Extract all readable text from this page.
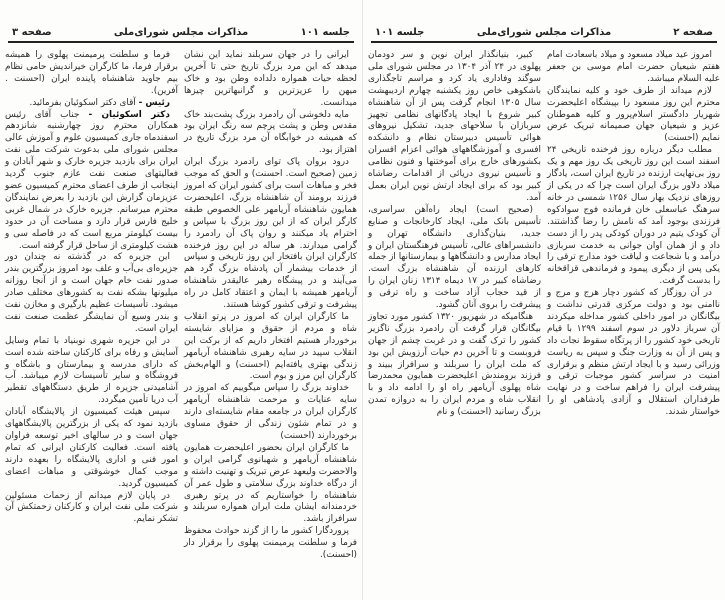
جلسه ۱۰۱
مذاکرات مجلس شورای‌ملی
صفحه ۳

ایرانی را در جهان سربلند نماید این نشان میدهد که این مرد بزرگ تاریخ حتی تا آخرین لحظه حیات همواره دلداده وطن بود و خاک میهن را عزیزترین و گرانبهاترین چیزها میدانست.

مایه دلخوشی آن رادمرد بزرگ پشت‌بند خاک مقدس وطن و پشت پرچم سه رنگ ایران بود که همیشه در خوابگاه آن مرد بزرگ تاریخ در اهتزاز بود.

درود بروان پاک توای رادمرد بزرگ ایران زمین (صحیح است. احسنت) و الحق که موجب فخر و مباهات است برای کشور ایران که امروز فرزند برومند آن شاهنشاه بزرگ، اعلیحضرت همایون شاهنشاه آریامهر علی الخصوص طبقه کارگر ایران که از این روز بزرگ با سپاس و احترام یاد میکنند و روان پاک آن رادمرد را گرامی میدارند. هر ساله در این روز فرخنده کارگران ایران بافتخار این روز تاریخی و سپاس از خدمات بیشمار آن پادشاه بزرگ گرد هم می‌آیند و در پیشگاه رهبر عالیقدر شاهنشاه آریامهر همیشه با ایمان و اعتقاد کامل در راه پیشرفت و ترقی کشور کوشا هستند.

ما کارگران ایران که امروز در پرتو انقلاب شاه و مردم از حقوق و مزایای شایسته برخوردار هستیم افتخار داریم که از برکت این انقلاب سپید در سایه رهبری شاهنشاه آریامهر زندگی بهتری یافته‌ایم (احسنت) و الهام‌بخش کارگران این مرز و بوم است.

خداوند بزرگ را سپاس میگوییم که امروز در سایه عنایات و مرحمت شاهنشاه آریامهر کارگران ایران در جامعه مقام شایسته‌ای دارند و در تمام شئون زندگی از حقوق مساوی برخوردارند (احسنت)

ما کارگران ایران بحضور اعلیحضرت همایون شاهنشاه آریامهر و شهبانوی گرامی ایران و والاحضرت ولیعهد عرض تبریک و تهنیت داشته و از درگاه خداوند بزرگ سلامتی و طول عمر آن شاهنشاه را خواستاریم که در پرتو رهبری خردمندانه ایشان ملت ایران همواره سربلند و سرافراز باشد.

پروردگارا کشور ما را از گزند حوادث محفوظ فرما و سلطنت پرمیمنت پهلوی را برقرار دار (احسنت).

فرما و سلطنت پرمیمنت پهلوی را همیشه برقرار فرما، ما کارگران خیراندیش حامی نظام بیم جاوید شاهنشاه پاینده ایران (احسنت . آفرین).

رئیس - آقای دکتر اسکوئیان بفرمائید.

دکتر اسکوئیان - جناب آقای رئیس همکاران محترم روز چهارشنبه شانزدهم اسفندماه جاری کمیسیون علوم و آموزش عالی مجلس شورای ملی بدعوت شرکت ملی نفت ایران برای بازدید جزیره خارک و شهر آبادان و فعالیتهای صنعت نفت عازم جنوب گردید اینجانب از طرف اعضای محترم کمیسیون عضو عزیزمان گزارش این بازدید را بعرض نمایندگان محترم میرسانم. جزیره خارک در شمال غربی خلیج فارس قرار دارد و مساحت آن در حدود بیست کیلومتر مربع است که در فاصله سی و هشت کیلومتری از ساحل قرار گرفته است.

این جزیره که در گذشته نه چندان دور جزیره‌ای بی‌آب و علف بود امروز بزرگترین بندر صدور نفت خام جهان است و از آنجا روزانه میلیونها بشکه نفت به کشورهای مختلف صادر میشود. تأسیسات عظیم بارگیری و مخازن نفت و بندر وسیع آن نمایشگر عظمت صنعت نفت ایران است.

در این جزیره شهری نوبنیاد با تمام وسایل آسایش و رفاه برای کارکنان ساخته شده است که دارای مدرسه و بیمارستان و باشگاه و فروشگاه و سایر تأسیسات لازم میباشد. آب آشامیدنی جزیره از طریق دستگاههای تقطیر آب دریا تأمین میگردد.

سپس هیئت کمیسیون از پالایشگاه آبادان بازدید نمود که یکی از بزرگترین پالایشگاههای جهان است و در سالهای اخیر توسعه فراوان یافته است. فعالیت کارکنان ایرانی که تمام امور فنی و اداری پالایشگاه را بعهده دارند موجب کمال خوشوقتی و مباهات اعضای کمیسیون گردید.

در پایان لازم میدانم از زحمات مسئولین شرکت ملی نفت ایران و کارکنان زحمتکش آن تشکر نمایم.

صفحه ۲
مذاکرات مجلس شورای‌ملی
جلسه ۱۰۱

امروز عید میلاد مسعود و میلاد باسعادت امام هفتم شیعیان حضرت امام موسی بن جعفر علیه السلام میباشد.

لازم میداند از طرف خود و کلیه نمایندگان محترم این روز مسعود را بپیشگاه اعلیحضرت شهریار دادگستر اسلام‌پرور و کلیه هموطنان عزیز و شیعیان جهان صمیمانه تبریک عرض نمایم (احسنت)

مطلب دیگر درباره روز فرخنده تاریخی ۲۴ اسفند است این روز تاریخی یک روز مهم و یک روز بی‌نهایت ارزنده در تاریخ ایران است، یادگار میلاد دلاور بزرگ ایران است چرا که در یکی از روزهای نزدیک بهار سال ۱۲۵۶ شمسی در خانه سرهنگ عباسعلی خان فرمانده فوج سوادکوه فرزندی بوجود آمد که نامش را رضا گذاشتند. آن کودک یتیم در دوران کودکی پدر را از دست داد و از همان اوان جوانی به خدمت سربازی درآمد و با شجاعت و لیاقت خود مدارج ترقی را یکی پس از دیگری پیمود و فرماندهی قزاقخانه را بدست گرفت.

در آن روزگار که کشور دچار هرج و مرج و ناامنی بود و دولت مرکزی قدرتی نداشت و بیگانگان در امور داخلی کشور مداخله میکردند آن سرباز دلاور در سوم اسفند ۱۲۹۹ با قیام تاریخی خود کشور را از پرتگاه سقوط نجات داد و پس از آن به وزارت جنگ و سپس به ریاست وزرائی رسید و با ایجاد ارتش منظم و برقراری امنیت در سراسر کشور موجبات ترقی و پیشرفت ایران را فراهم ساخت و در نهایت طرفداران استقلال و آزادی پادشاهی او را خواستار شدند.

کبیر، بنیانگذار ایران نوین و سر دودمان پهلوی در ۲۴ آذر ۱۳۰۴ در مجلس شورای ملی سوگند وفاداری یاد کرد و مراسم تاجگذاری باشکوهی خاص روز یکشنبه چهارم اردیبهشت سال ۱۳۰۵ انجام گرفت پس از آن شاهنشاه کبیر شروع با ایجاد پادگانهای نظامی تجهیز سربازان با سلاحهای جدید، تشکیل نیروهای هوائی تأسیس دبیرستان نظام و دانشکده افسری و آموزشگاههای هوائی اعزام افسران بکشورهای خارج برای آموختنها و فنون نظامی و تأسیس نیروی دریائی از اقدامات رضاشاه کبیر بود که برای ایجاد ارتش نوین ایران بعمل آمد.

(صحیح است) ایجاد راه‌آهن سراسری، تأسیس بانک ملی، ایجاد کارخانجات و صنایع جدید، بنیان‌گذاری دانشگاه تهران و دانشسراهای عالی، تأسیس فرهنگستان ایران و ایجاد مدارس و دانشگاهها و بیمارستانها از جمله کارهای ارزنده آن شاهنشاه بزرگ است. رضاشاه کبیر در ۱۷ دیماه ۱۳۱۴ زنان ایران را از قید حجاب آزاد ساخت و راه ترقی و پیشرفت را بروی آنان گشود.

هنگامیکه در شهریور ۱۳۲۰ کشور مورد تجاوز بیگانگان قرار گرفت آن رادمرد بزرگ ناگزیر کشور را ترک گفت و در غربت چشم از جهان فروبست و تا آخرین دم حیات آرزویش این بود که ملت ایران را سربلند و سرافراز ببیند و فرزند برومندش اعلیحضرت همایون محمدرضا شاه پهلوی آریامهر راه او را ادامه داد و با انقلاب شاه و مردم ایران را به دروازه تمدن بزرگ رسانید (احسنت) و نام
